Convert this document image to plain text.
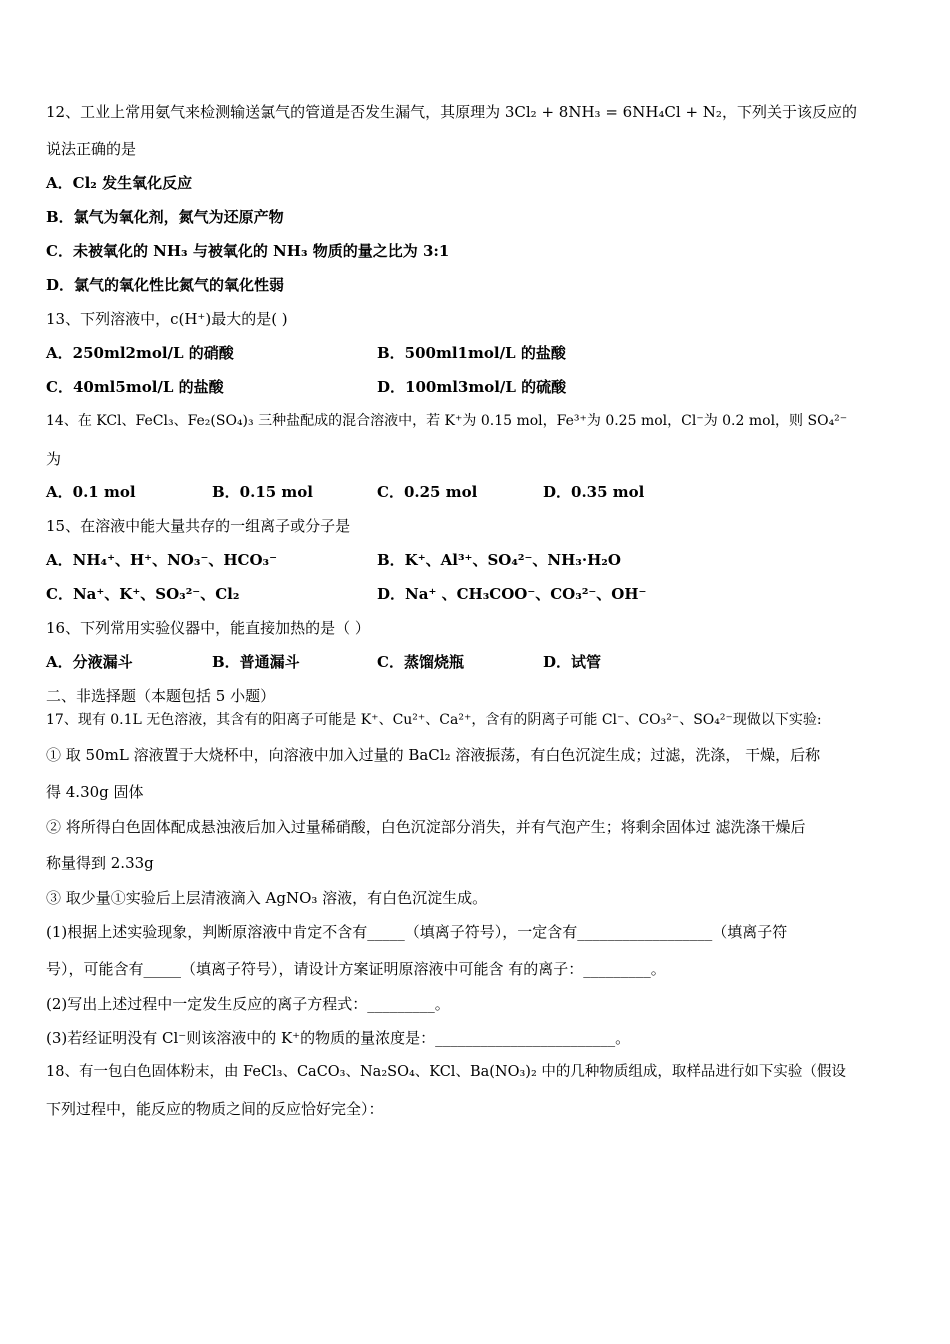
12、工业上常用氨气来检测输送氯气的管道是否发生漏气，其原理为 3Cl₂ + 8NH₃ = 6NH₄Cl + N₂，下列关于该反应的
说法正确的是
A．Cl₂ 发生氧化反应
B．氯气为氧化剂，氮气为还原产物
C．未被氧化的 NH₃ 与被氧化的 NH₃ 物质的量之比为 3:1
D．氯气的氧化性比氮气的氧化性弱
13、下列溶液中，c(H⁺)最大的是( )
A．250ml2mol/L 的硝酸	B．500ml1mol/L 的盐酸
C．40ml5mol/L 的盐酸	D．100ml3mol/L 的硫酸
14、在 KCl、FeCl₃、Fe₂(SO₄)₃ 三种盐配成的混合溶液中，若 K⁺为 0.15 mol，Fe³⁺为 0.25 mol，Cl⁻为 0.2 mol，则 SO₄²⁻
为
A．0.1 mol	B．0.15 mol	C．0.25 mol	D．0.35 mol
15、在溶液中能大量共存的一组离子或分子是
A．NH₄⁺、H⁺、NO₃⁻、HCO₃⁻	B．K⁺、Al³⁺、SO₄²⁻、NH₃·H₂O
C．Na⁺、K⁺、SO₃²⁻、Cl₂	D．Na⁺ 、CH₃COO⁻、CO₃²⁻、OH⁻
16、下列常用实验仪器中，能直接加热的是（ ）
A．分液漏斗	B．普通漏斗	C．蒸馏烧瓶	D．试管
二、非选择题（本题包括 5 小题）
17、现有 0.1L 无色溶液，其含有的阳离子可能是 K⁺、Cu²⁺、Ca²⁺，含有的阴离子可能 Cl⁻、CO₃²⁻、SO₄²⁻现做以下实验:
① 取 50mL 溶液置于大烧杯中，向溶液中加入过量的 BaCl₂ 溶液振荡，有白色沉淀生成；过滤，洗涤， 干燥，后称
得 4.30g 固体
② 将所得白色固体配成悬浊液后加入过量稀硝酸，白色沉淀部分消失，并有气泡产生；将剩余固体过 滤洗涤干燥后
称量得到 2.33g
③ 取少量①实验后上层清液滴入 AgNO₃ 溶液，有白色沉淀生成。
(1)根据上述实验现象，判断原溶液中肯定不含有_____（填离子符号），一定含有__________________（填离子符
号），可能含有_____（填离子符号），请设计方案证明原溶液中可能含 有的离子：_________。
(2)写出上述过程中一定发生反应的离子方程式：_________。
(3)若经证明没有 Cl⁻则该溶液中的 K⁺的物质的量浓度是：________________________。
18、有一包白色固体粉末，由 FeCl₃、CaCO₃、Na₂SO₄、KCl、Ba(NO₃)₂ 中的几种物质组成，取样品进行如下实验（假设
下列过程中，能反应的物质之间的反应恰好完全）：
